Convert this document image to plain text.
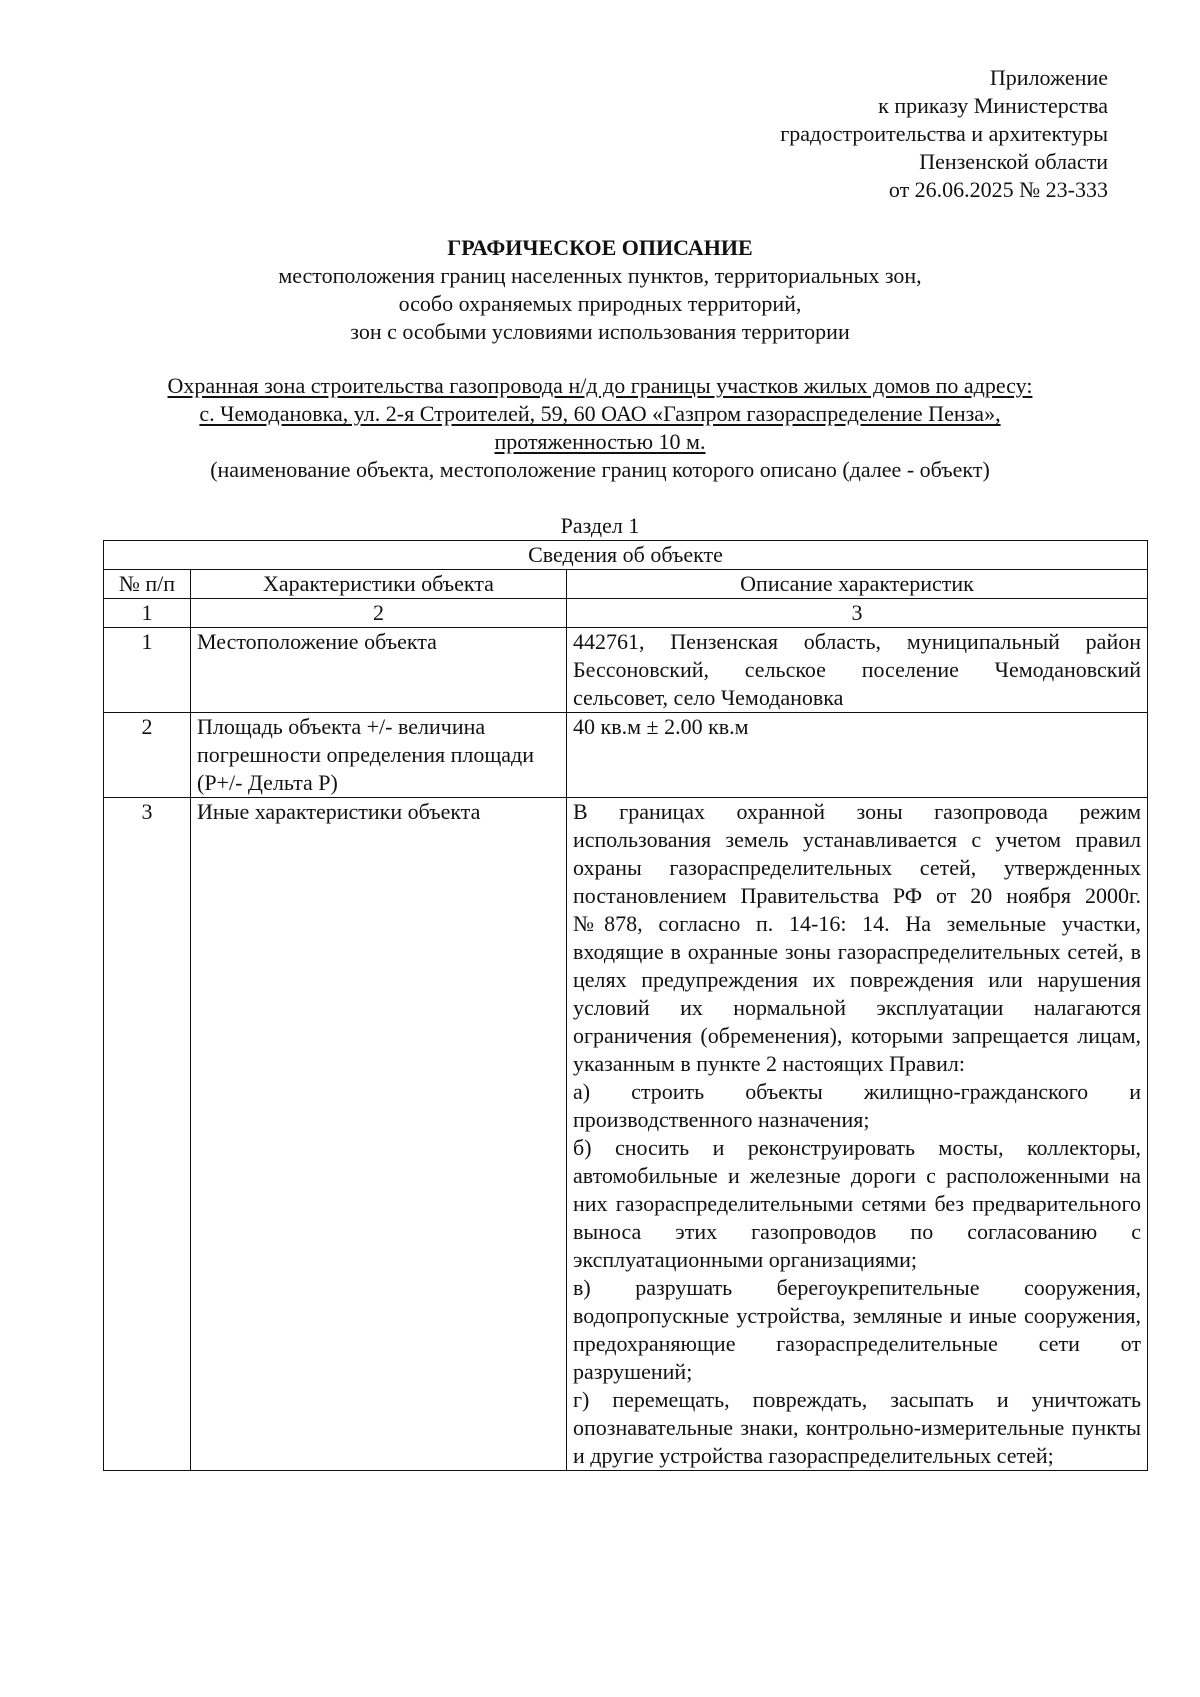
Приложение
к приказу Министерства
градостроительства и архитектуры
Пензенской области
от 26.06.2025 № 23-333
ГРАФИЧЕСКОЕ ОПИСАНИЕ
местоположения границ населенных пунктов, территориальных зон,
особо охраняемых природных территорий,
зон с особыми условиями использования территории
Охранная зона строительства газопровода н/д до границы участков жилых домов по адресу:
с. Чемодановка, ул. 2-я Строителей, 59, 60 ОАО «Газпром газораспределение Пенза»,
протяженностью 10 м.
(наименование объекта, местоположение границ которого описано (далее - объект)
Раздел 1
Сведения об объекте		
№ п/п	Характеристики объекта	Описание характеристик
1	2	3
1	Местоположение объекта	442761, Пензенская область, муниципальный район Бессоновский, сельское поселение Чемодановский сельсовет, село Чемодановка

2	Площадь объекта +/- величина погрешности определения площади (Р+/- Дельта Р)	40 кв.м ± 2.00 кв.м

3	Иные характеристики объекта	В границах охранной зоны газопровода режим использования земель устанавливается с учетом правил охраны газораспределительных сетей, утвержденных постановлением Правительства РФ от 20 ноября 2000г. №878, согласно п. 14-16: 14. На земельные участки, входящие в охранные зоны газораспределительных сетей, в целях предупреждения их повреждения или нарушения условий их нормальной эксплуатации налагаются ограничения (обременения), которыми запрещается лицам, указанным в пункте 2 настоящих Правил:

а) строить объекты жилищно-гражданского и производственного назначения;

б) сносить и реконструировать мосты, коллекторы, автомобильные и железные дороги с расположенными на них газораспределительными сетями без предварительного выноса этих газопроводов по согласованию с эксплуатационными организациями;

в) разрушать берегоукрепительные сооружения, водопропускные устройства, земляные и иные сооружения, предохраняющие газораспределительные сети от разрушений;

г) перемещать, повреждать, засыпать и уничтожать опознавательные знаки, контрольно-измерительные пункты и другие устройства газораспределительных сетей;
